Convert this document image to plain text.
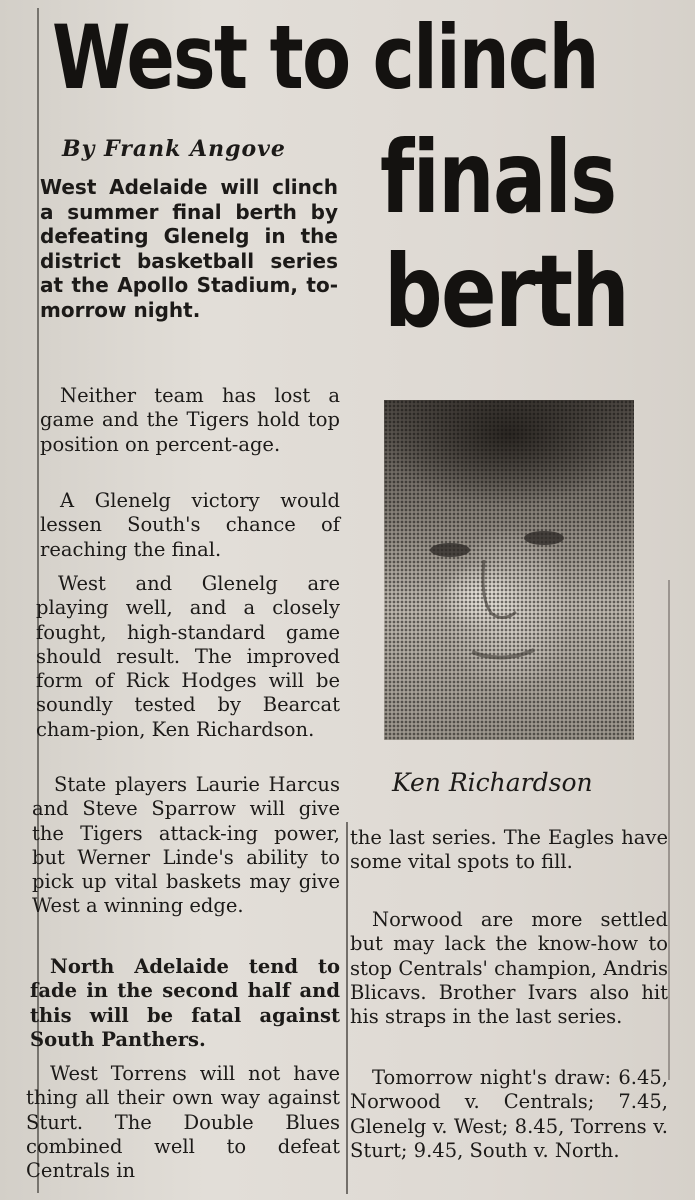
West to clinch
finals
berth
By Frank Angove

West Adelaide will clinch a summer final berth by defeating Glenelg in the district basketball series at the Apollo Stadium, to-morrow night.

Neither team has lost a game and the Tigers hold top position on percent-age.

A Glenelg victory would lessen South's chance of reaching the final.

West and Glenelg are playing well, and a closely fought, high-standard game should result. The improved form of Rick Hodges will be soundly tested by Bearcat cham-pion, Ken Richardson.

State players Laurie Harcus and Steve Sparrow will give the Tigers attack-ing power, but Werner Linde's ability to pick up vital baskets may give West a winning edge.

North Adelaide tend to fade in the second half and this will be fatal against South Panthers.

West Torrens will not have thing all their own way against Sturt. The Double Blues combined well to defeat Centrals in

Ken Richardson

the last series. The Eagles have some vital spots to fill.

Norwood are more settled but may lack the know-how to stop Centrals' champion, Andris Blicavs. Brother Ivars also hit his straps in the last series.

Tomorrow night's draw: 6.45, Norwood v. Centrals; 7.45, Glenelg v. West; 8.45, Torrens v. Sturt; 9.45, South v. North.
